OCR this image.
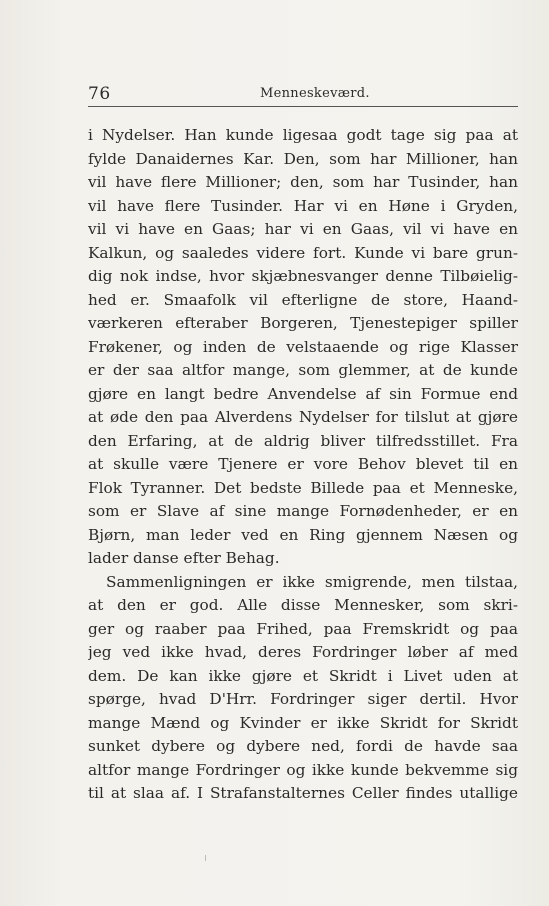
76	Menneskeværd.
i Nydelser. Han kunde ligesaa godt tage sig paa at
fylde Danaidernes Kar. Den, som har Millioner, han
vil have flere Millioner; den, som har Tusinder, han
vil have flere Tusinder. Har vi en Høne i Gryden,
vil vi have en Gaas; har vi en Gaas, vil vi have en
Kalkun, og saaledes videre fort. Kunde vi bare grun-
dig nok indse, hvor skjæbnesvanger denne Tilbøielig-
hed er. Smaafolk vil efterligne de store, Haand-
værkeren efteraber Borgeren, Tjenestepiger spiller
Frøkener, og inden de velstaaende og rige Klasser
er der saa altfor mange, som glemmer, at de kunde
gjøre en langt bedre Anvendelse af sin Formue end
at øde den paa Alverdens Nydelser for tilslut at gjøre
den Erfaring, at de aldrig bliver tilfredsstillet. Fra
at skulle være Tjenere er vore Behov blevet til en
Flok Tyranner. Det bedste Billede paa et Menneske,
som er Slave af sine mange Fornødenheder, er en
Bjørn, man leder ved en Ring gjennem Næsen og
lader danse efter Behag.
Sammenligningen er ikke smigrende, men tilstaa,
at den er god. Alle disse Mennesker, som skri-
ger og raaber paa Frihed, paa Fremskridt og paa
jeg ved ikke hvad, deres Fordringer løber af med
dem. De kan ikke gjøre et Skridt i Livet uden at
spørge, hvad D'Hrr. Fordringer siger dertil. Hvor
mange Mænd og Kvinder er ikke Skridt for Skridt
sunket dybere og dybere ned, fordi de havde saa
altfor mange Fordringer og ikke kunde bekvemme sig
til at slaa af. I Strafanstalternes Celler findes utallige
